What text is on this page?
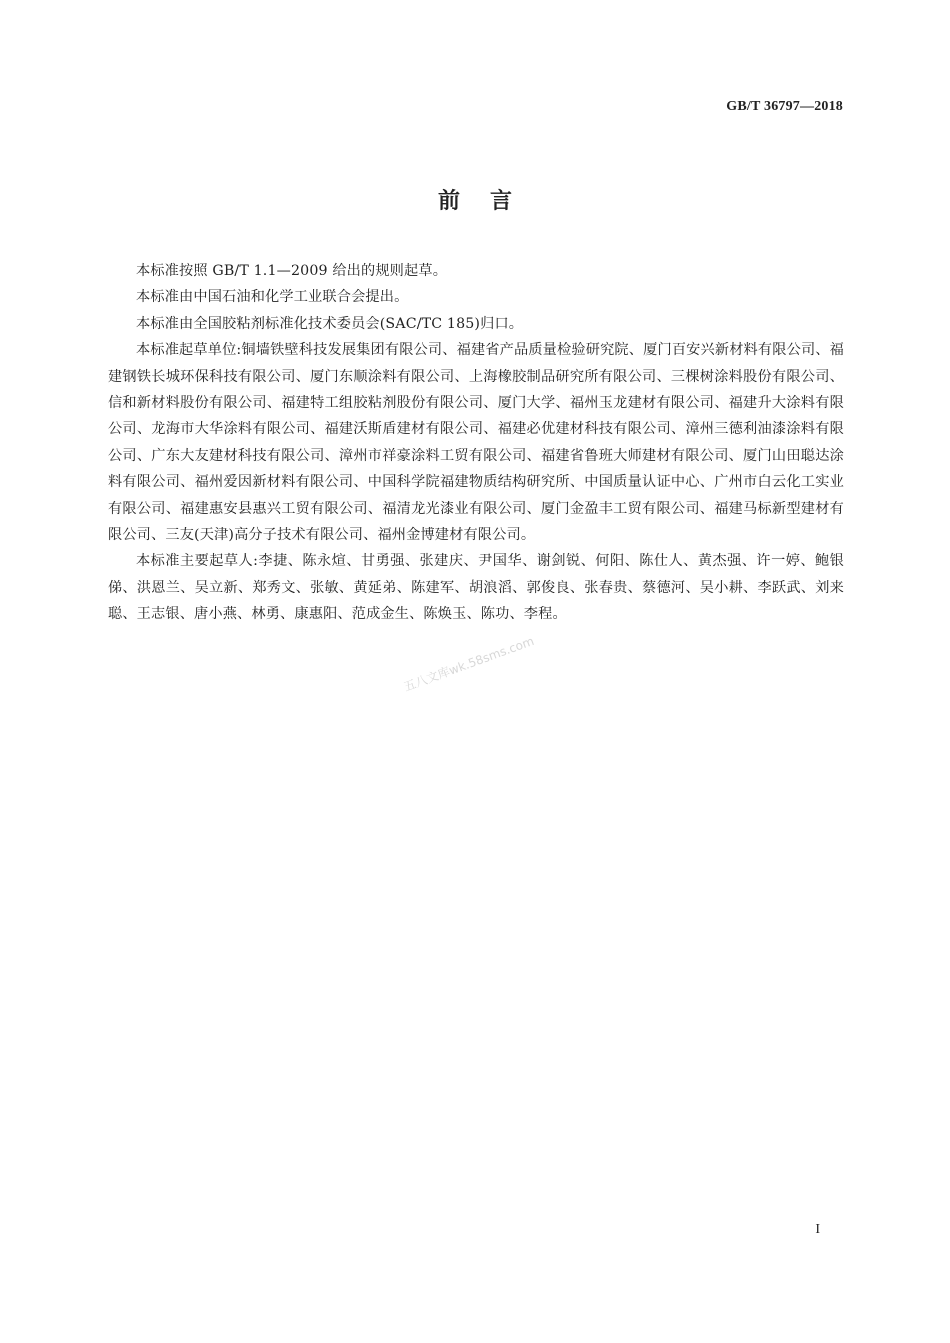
GB/T 36797—2018
前言

本标准按照 GB/T 1.1—2009 给出的规则起草。

本标准由中国石油和化学工业联合会提出。

本标准由全国胶粘剂标准化技术委员会(SAC/TC 185)归口。

本标准起草单位:铜墙铁壁科技发展集团有限公司、福建省产品质量检验研究院、厦门百安兴新材料有限公司、福建钢铁长城环保科技有限公司、厦门东顺涂料有限公司、上海橡胶制品研究所有限公司、三棵树涂料股份有限公司、信和新材料股份有限公司、福建特工组胶粘剂股份有限公司、厦门大学、福州玉龙建材有限公司、福建升大涂料有限公司、龙海市大华涂料有限公司、福建沃斯盾建材有限公司、福建必优建材科技有限公司、漳州三德利油漆涂料有限公司、广东大友建材科技有限公司、漳州市祥豪涂料工贸有限公司、福建省鲁班大师建材有限公司、厦门山田聪达涂料有限公司、福州爱因新材料有限公司、中国科学院福建物质结构研究所、中国质量认证中心、广州市白云化工实业有限公司、福建惠安县惠兴工贸有限公司、福清龙光漆业有限公司、厦门金盈丰工贸有限公司、福建马标新型建材有限公司、三友(天津)高分子技术有限公司、福州金博建材有限公司。

本标准主要起草人:李捷、陈永煊、甘勇强、张建庆、尹国华、谢剑锐、何阳、陈仕人、黄杰强、许一婷、鲍银俤、洪恩兰、吴立新、郑秀文、张敏、黄延弟、陈建军、胡浪滔、郭俊良、张春贵、蔡德河、吴小耕、李跃武、刘来聪、王志银、唐小燕、林勇、康惠阳、范成金生、陈焕玉、陈功、李程。

五八文库wk.58sms.com
I
